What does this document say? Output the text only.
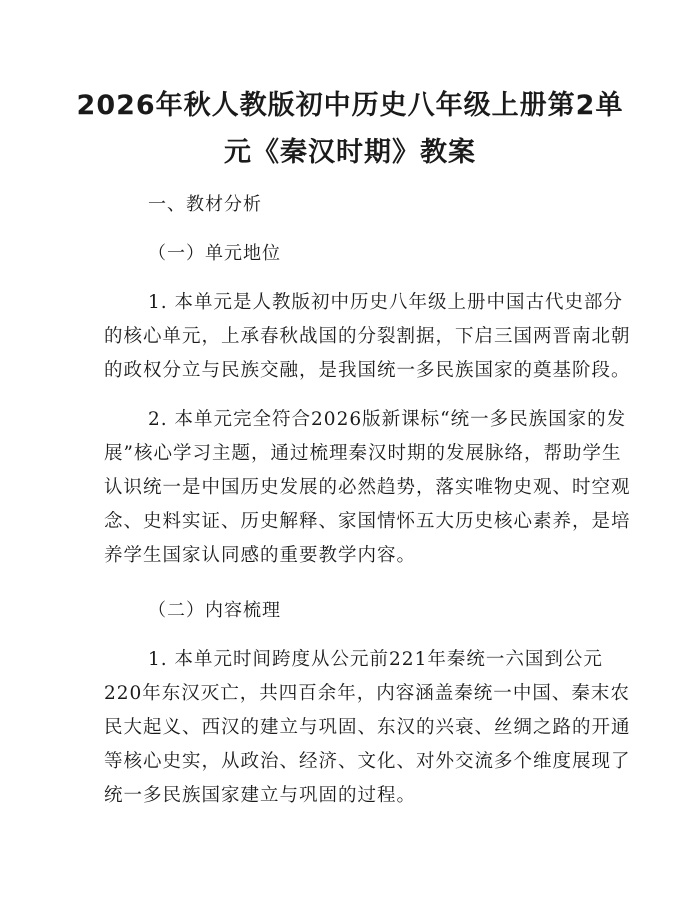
2026年秋人教版初中历史八年级上册第2单
元《秦汉时期》教案
一、教材分析
（一）单元地位
1. 本单元是人教版初中历史八年级上册中国古代史部分
的核心单元，上承春秋战国的分裂割据，下启三国两晋南北朝
的政权分立与民族交融，是我国统一多民族国家的奠基阶段。
2. 本单元完全符合2026版新课标“统一多民族国家的发
展”核心学习主题，通过梳理秦汉时期的发展脉络，帮助学生
认识统一是中国历史发展的必然趋势，落实唯物史观、时空观
念、史料实证、历史解释、家国情怀五大历史核心素养，是培
养学生国家认同感的重要教学内容。
（二）内容梳理
1. 本单元时间跨度从公元前221年秦统一六国到公元
220年东汉灭亡，共四百余年，内容涵盖秦统一中国、秦末农
民大起义、西汉的建立与巩固、东汉的兴衰、丝绸之路的开通
等核心史实，从政治、经济、文化、对外交流多个维度展现了
统一多民族国家建立与巩固的过程。
